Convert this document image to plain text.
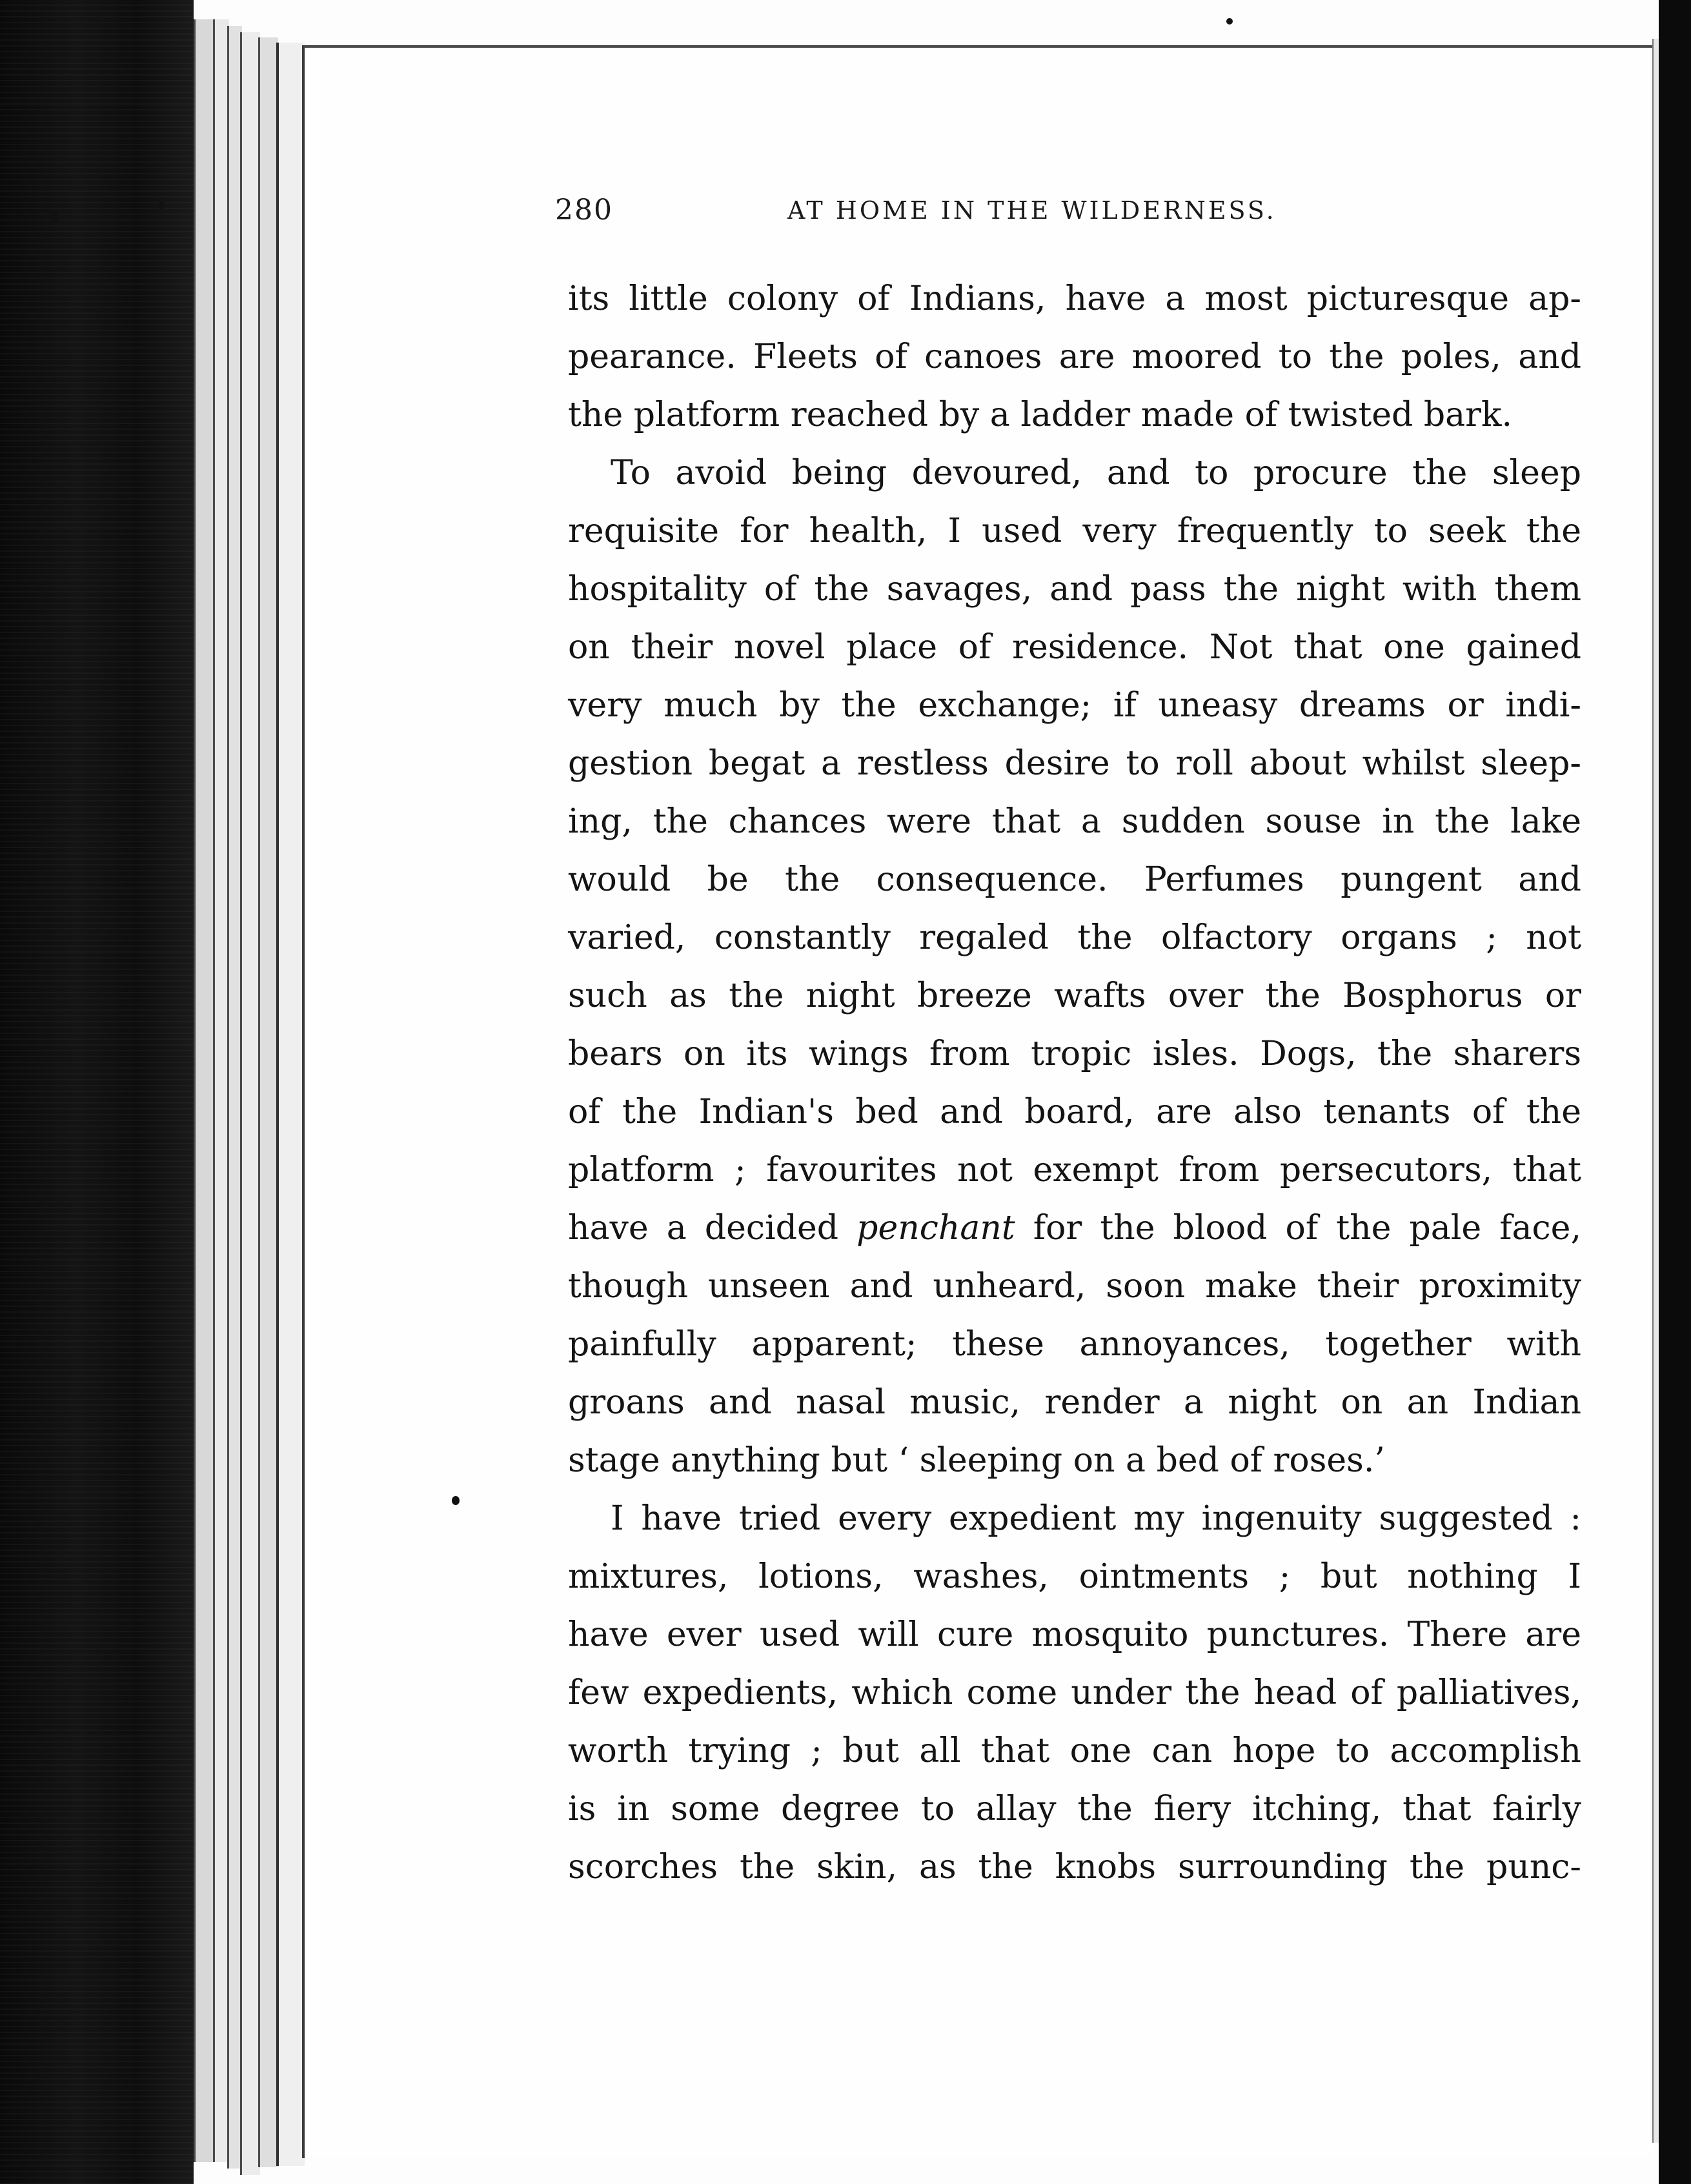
280	AT HOME IN THE WILDERNESS.
its little colony of Indians, have a most picturesque ap-
pearance. Fleets of canoes are moored to the poles, and
the platform reached by a ladder made of twisted bark.
To avoid being devoured, and to procure the sleep
requisite for health, I used very frequently to seek the
hospitality of the savages, and pass the night with them
on their novel place of residence. Not that one gained
very much by the exchange; if uneasy dreams or indi-
gestion begat a restless desire to roll about whilst sleep-
ing, the chances were that a sudden souse in the lake
would be the consequence. Perfumes pungent and
varied, constantly regaled the olfactory organs ; not
such as the night breeze wafts over the Bosphorus or
bears on its wings from tropic isles. Dogs, the sharers
of the Indian's bed and board, are also tenants of the
platform ; favourites not exempt from persecutors, that
have a decided penchant for the blood of the pale face,
though unseen and unheard, soon make their proximity
painfully apparent; these annoyances, together with
groans and nasal music, render a night on an Indian
stage anything but ‘ sleeping on a bed of roses.’
I have tried every expedient my ingenuity suggested :
mixtures, lotions, washes, ointments ; but nothing I
have ever used will cure mosquito punctures. There are
few expedients, which come under the head of palliatives,
worth trying ; but all that one can hope to accomplish
is in some degree to allay the fiery itching, that fairly
scorches the skin, as the knobs surrounding the punc-
